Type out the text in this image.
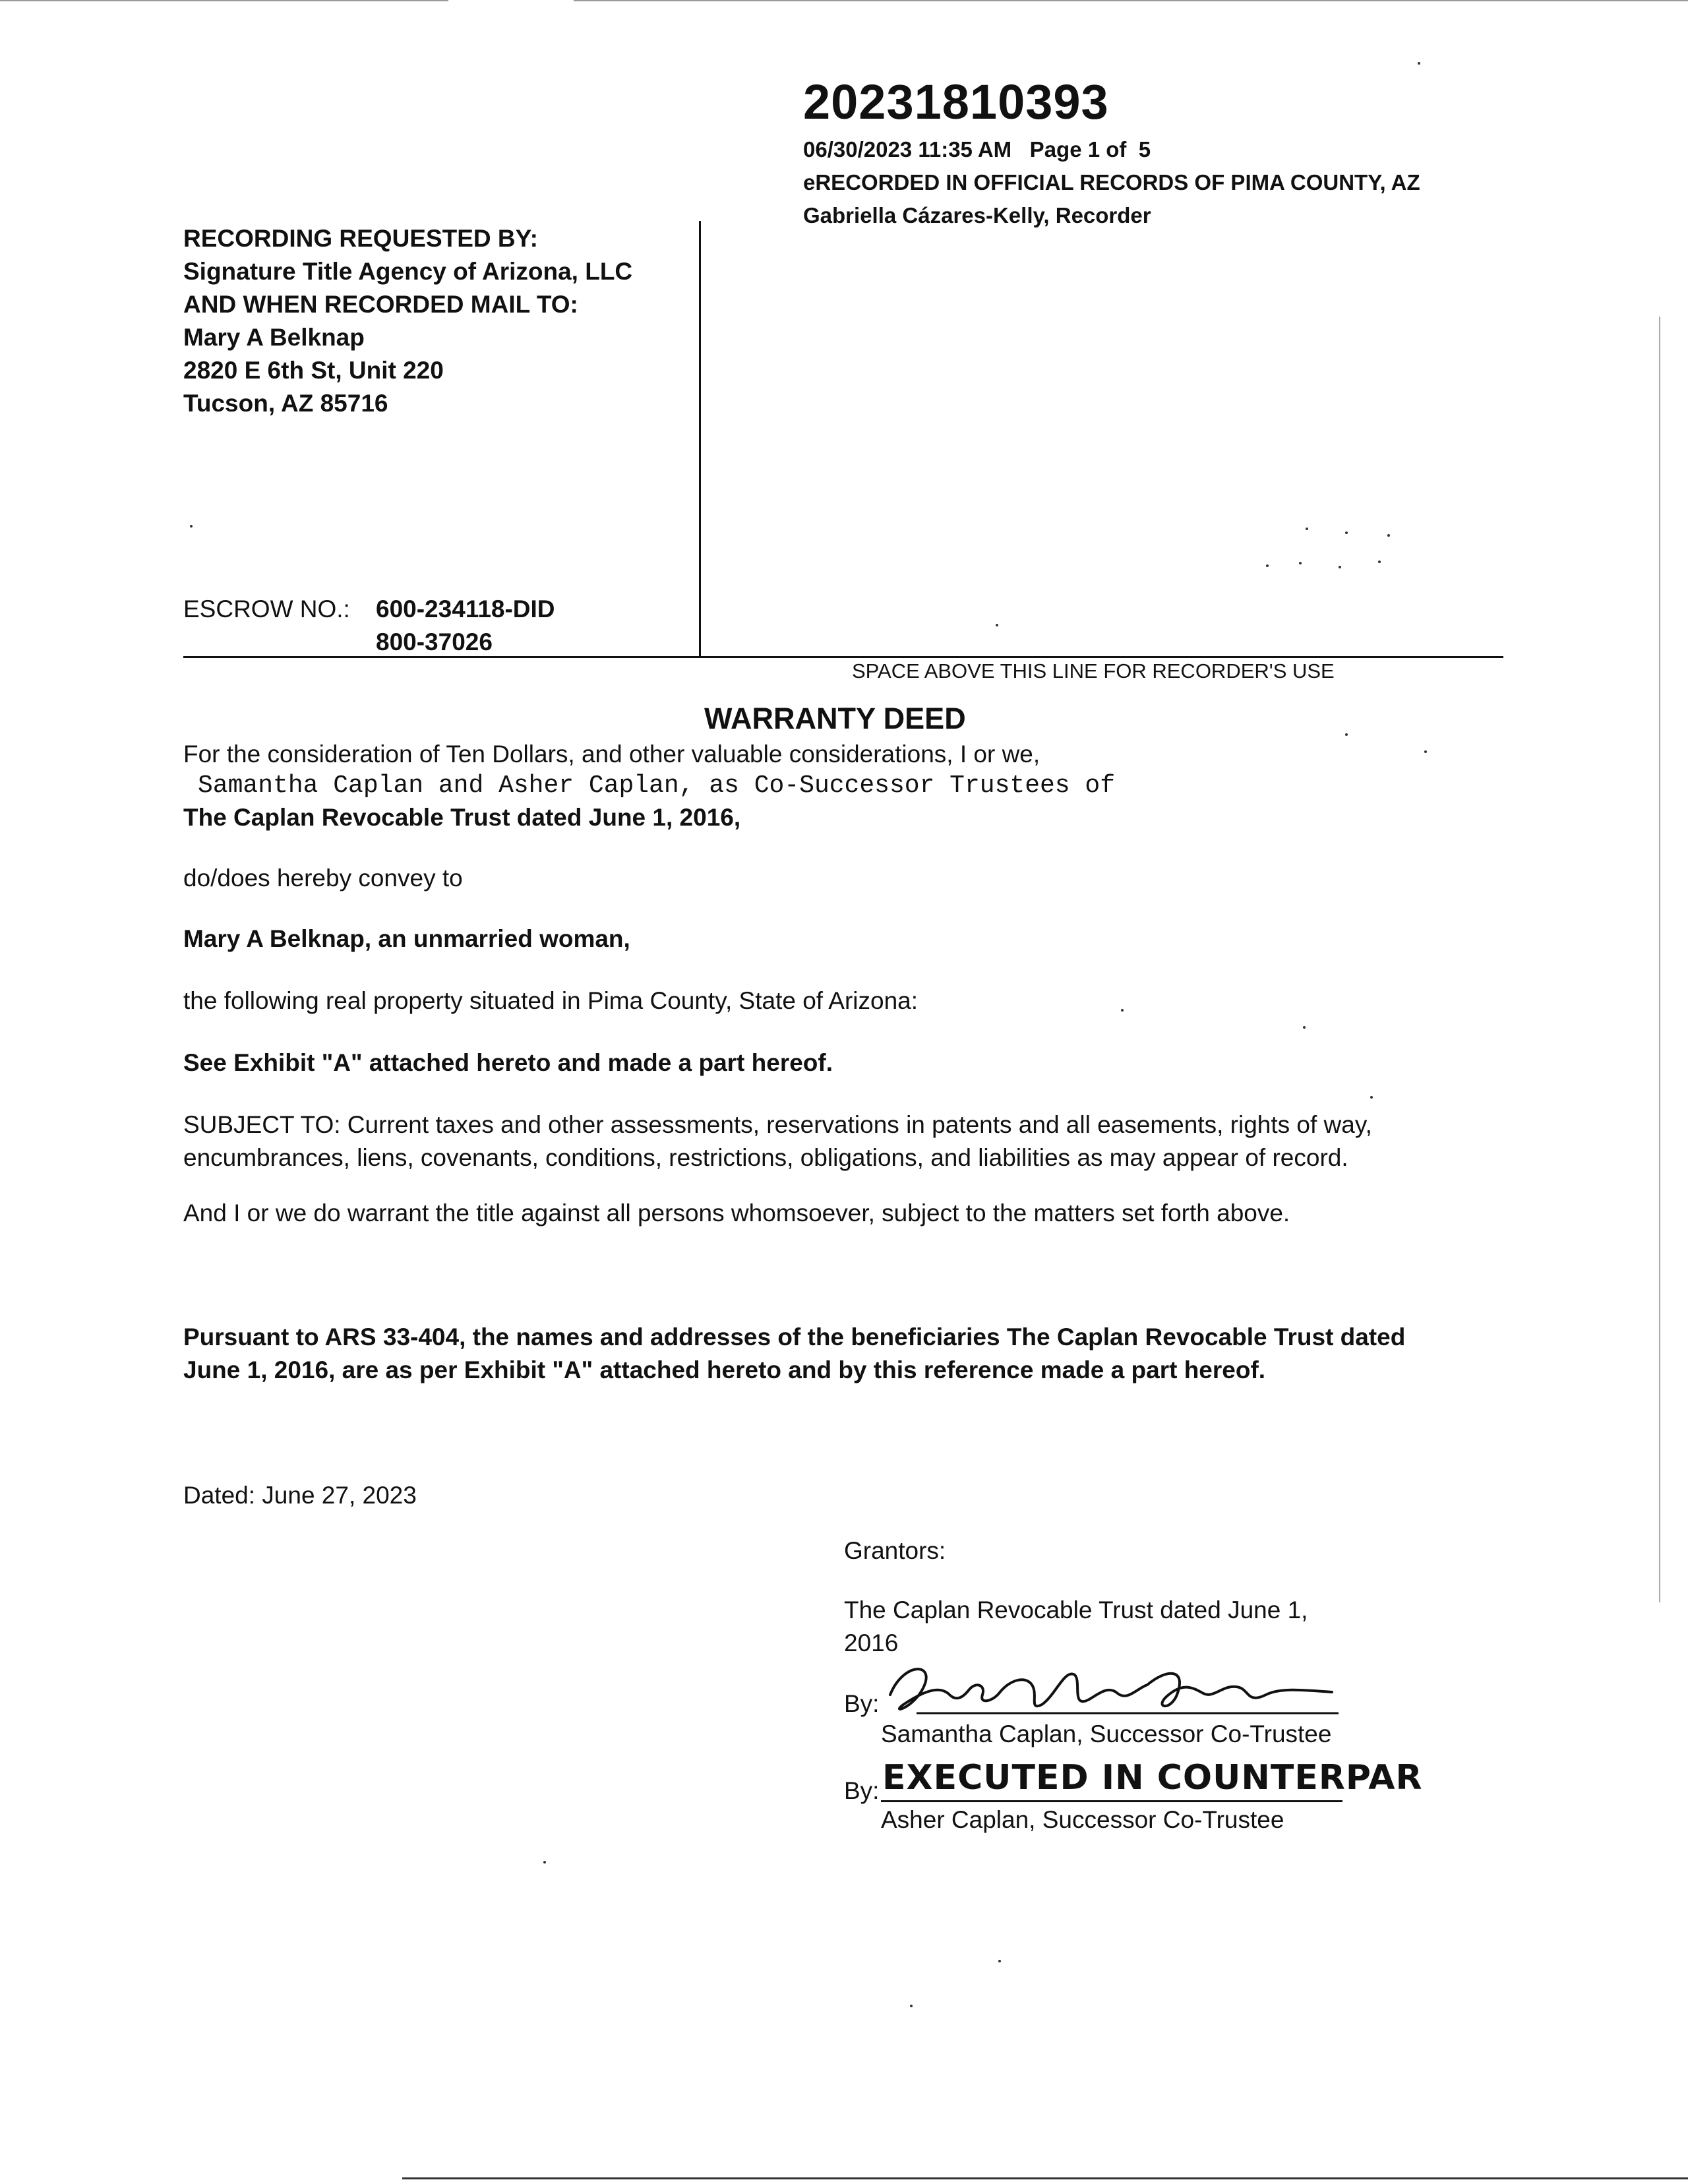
20231810393
06/30/2023 11:35 AM   Page 1 of  5
eRECORDED IN OFFICIAL RECORDS OF PIMA COUNTY, AZ
Gabriella Cázares-Kelly, Recorder
RECORDING REQUESTED BY:
Signature Title Agency of Arizona, LLC
AND WHEN RECORDED MAIL TO:
Mary A Belknap
2820 E 6th St, Unit 220
Tucson, AZ 85716
ESCROW NO.: 600-234118-DID
800-37026
SPACE ABOVE THIS LINE FOR RECORDER'S USE
WARRANTY DEED
For the consideration of Ten Dollars, and other valuable considerations, I or we,
Samantha Caplan and Asher Caplan, as Co-Successor Trustees of
The Caplan Revocable Trust dated June 1, 2016,
do/does hereby convey to
Mary A Belknap, an unmarried woman,
the following real property situated in Pima County, State of Arizona:
See Exhibit "A" attached hereto and made a part hereof.
SUBJECT TO: Current taxes and other assessments, reservations in patents and all easements, rights of way,
encumbrances, liens, covenants, conditions, restrictions, obligations, and liabilities as may appear of record.
And I or we do warrant the title against all persons whomsoever, subject to the matters set forth above.
Pursuant to ARS 33-404, the names and addresses of the beneficiaries The Caplan Revocable Trust dated
June 1, 2016, are as per Exhibit "A" attached hereto and by this reference made a part hereof.
Dated: June 27, 2023
Grantors:
The Caplan Revocable Trust dated June 1,
2016
By:
Samantha Caplan, Successor Co-Trustee
By: EXECUTED IN COUNTERPAR
Asher Caplan, Successor Co-Trustee
